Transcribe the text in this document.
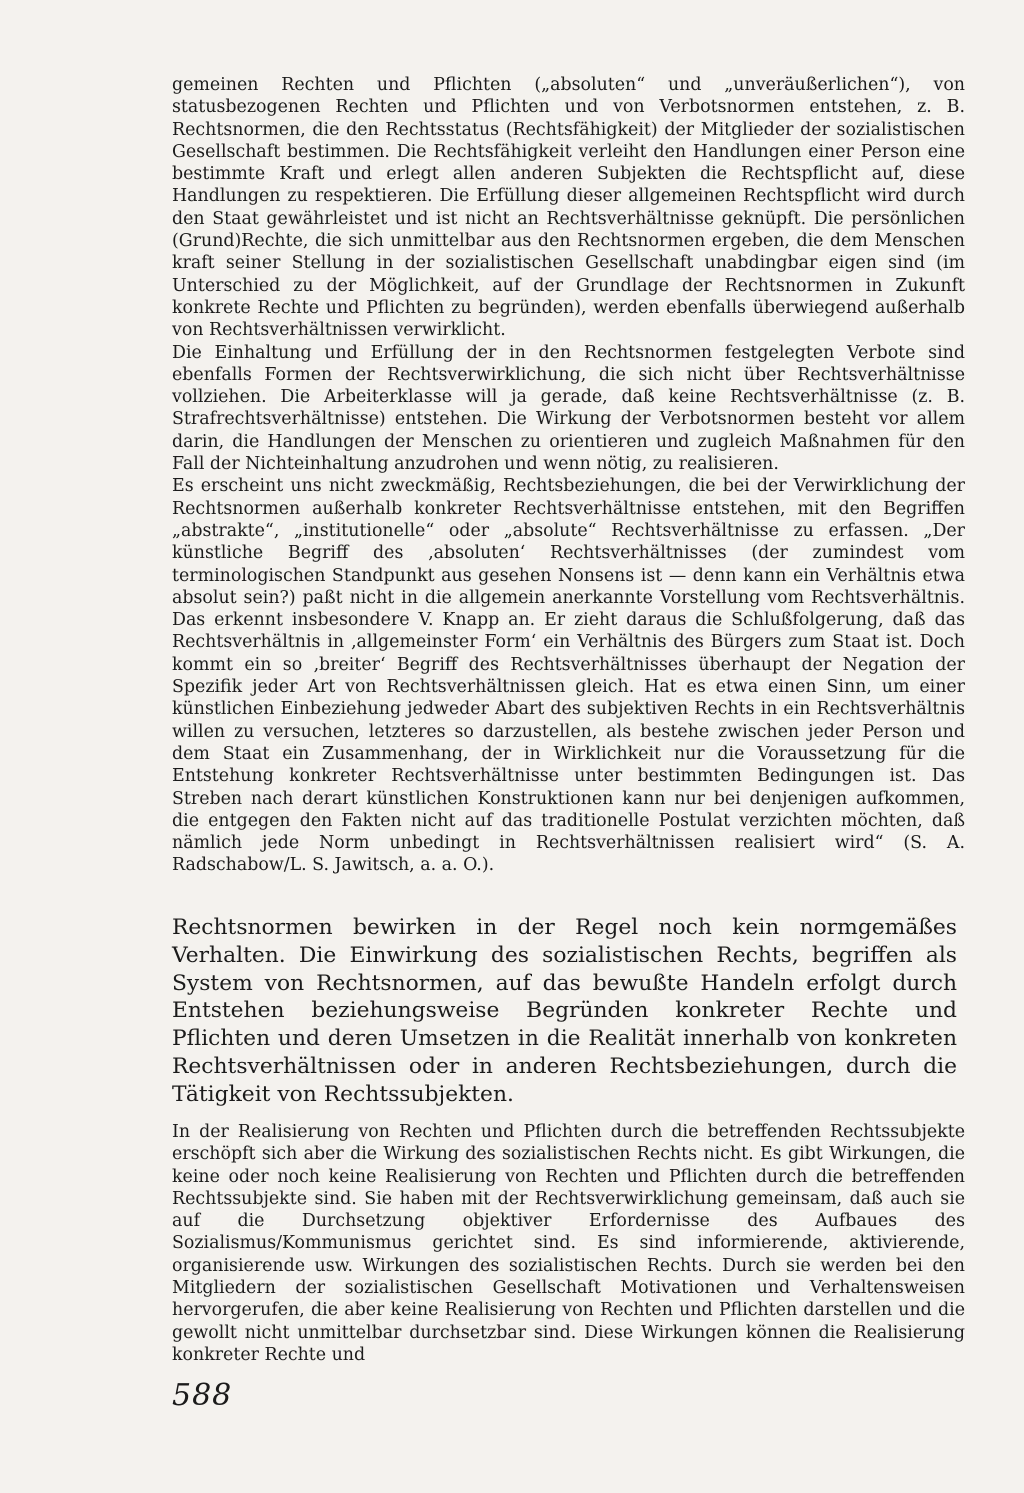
gemeinen Rechten und Pflichten („absoluten“ und „unveräußerlichen“), von statusbezogenen Rechten und Pflichten und von Verbotsnormen entstehen, z. B. Rechtsnormen, die den Rechtsstatus (Rechtsfähigkeit) der Mitglieder der sozialistischen Gesellschaft bestimmen. Die Rechtsfähigkeit verleiht den Handlungen einer Person eine bestimmte Kraft und erlegt allen anderen Subjekten die Rechtspflicht auf, diese Handlungen zu respektieren. Die Erfüllung dieser allgemeinen Rechtspflicht wird durch den Staat gewährleistet und ist nicht an Rechtsverhältnisse geknüpft. Die persönlichen (Grund)Rechte, die sich unmittelbar aus den Rechtsnormen ergeben, die dem Menschen kraft seiner Stellung in der sozialistischen Gesellschaft unabdingbar eigen sind (im Unterschied zu der Möglichkeit, auf der Grundlage der Rechtsnormen in Zukunft konkrete Rechte und Pflichten zu begründen), werden ebenfalls überwiegend außerhalb von Rechtsverhältnissen verwirklicht.

Die Einhaltung und Erfüllung der in den Rechtsnormen festgelegten Verbote sind ebenfalls Formen der Rechtsverwirklichung, die sich nicht über Rechtsverhältnisse vollziehen. Die Arbeiterklasse will ja gerade, daß keine Rechtsverhältnisse (z. B. Strafrechtsverhältnisse) entstehen. Die Wirkung der Verbotsnormen besteht vor allem darin, die Handlungen der Menschen zu orientieren und zugleich Maßnahmen für den Fall der Nichteinhaltung anzudrohen und wenn nötig, zu realisieren.

Es erscheint uns nicht zweckmäßig, Rechtsbeziehungen, die bei der Verwirklichung der Rechtsnormen außerhalb konkreter Rechtsverhältnisse entstehen, mit den Begriffen „abstrakte“, „institutionelle“ oder „absolute“ Rechtsverhältnisse zu erfassen. „Der künstliche Begriff des ‚absoluten‘ Rechtsverhältnisses (der zumindest vom terminologischen Standpunkt aus gesehen Nonsens ist — denn kann ein Verhältnis etwa absolut sein?) paßt nicht in die allgemein anerkannte Vorstellung vom Rechtsverhältnis. Das erkennt insbesondere V. Knapp an. Er zieht daraus die Schlußfolgerung, daß das Rechtsverhältnis in ‚allgemeinster Form‘ ein Verhältnis des Bürgers zum Staat ist. Doch kommt ein so ‚breiter‘ Begriff des Rechtsverhältnisses überhaupt der Negation der Spezifik jeder Art von Rechtsverhältnissen gleich. Hat es etwa einen Sinn, um einer künstlichen Einbeziehung jedweder Abart des subjektiven Rechts in ein Rechtsverhältnis willen zu versuchen, letzteres so darzustellen, als bestehe zwischen jeder Person und dem Staat ein Zusammenhang, der in Wirklichkeit nur die Voraussetzung für die Entstehung konkreter Rechtsverhältnisse unter bestimmten Bedingungen ist. Das Streben nach derart künstlichen Konstruktionen kann nur bei denjenigen aufkommen, die entgegen den Fakten nicht auf das traditionelle Postulat verzichten möchten, daß nämlich jede Norm unbedingt in Rechtsverhältnissen realisiert wird“ (S. A. Radschabow/L. S. Jawitsch, a. a. O.).

Rechtsnormen bewirken in der Regel noch kein normgemäßes Verhalten. Die Einwirkung des sozialistischen Rechts, begriffen als System von Rechtsnormen, auf das bewußte Handeln erfolgt durch Entstehen beziehungsweise Begründen konkreter Rechte und Pflichten und deren Umsetzen in die Realität innerhalb von konkreten Rechtsverhältnissen oder in anderen Rechtsbeziehungen, durch die Tätigkeit von Rechtssubjekten.

In der Realisierung von Rechten und Pflichten durch die betreffenden Rechtssubjekte erschöpft sich aber die Wirkung des sozialistischen Rechts nicht. Es gibt Wirkungen, die keine oder noch keine Realisierung von Rechten und Pflichten durch die betreffenden Rechtssubjekte sind. Sie haben mit der Rechtsverwirklichung gemeinsam, daß auch sie auf die Durchsetzung objektiver Erfordernisse des Aufbaues des Sozialismus/Kommunismus gerichtet sind. Es sind informierende, aktivierende, organisierende usw. Wirkungen des sozialistischen Rechts. Durch sie werden bei den Mitgliedern der sozialistischen Gesellschaft Motivationen und Verhaltensweisen hervorgerufen, die aber keine Realisierung von Rechten und Pflichten darstellen und die gewollt nicht unmittelbar durchsetzbar sind. Diese Wirkungen können die Realisierung konkreter Rechte und

588
